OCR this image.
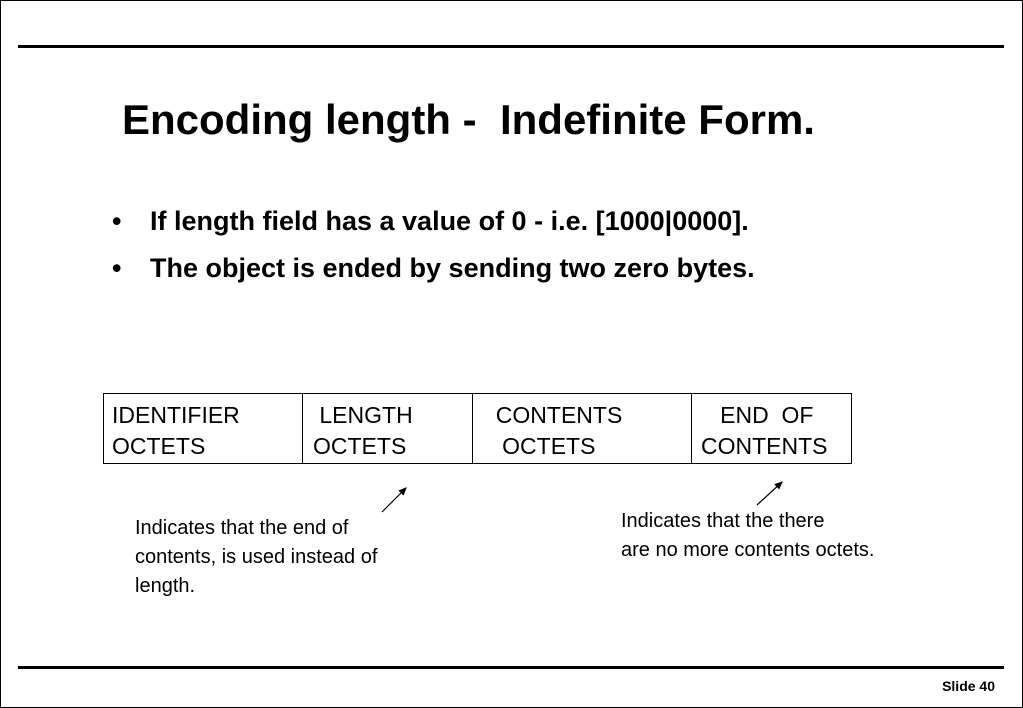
Encoding length -  Indefinite Form.
• If length field has a value of 0 - i.e. [1000|0000].
• The object is ended by sending two zero bytes.
IDENTIFIER
OCTETS
LENGTH
OCTETS
CONTENTS
OCTETS
END  OF
CONTENTS
Indicates that the end of
contents, is used instead of
length.
Indicates that the there
are no more contents octets.
Slide 40
